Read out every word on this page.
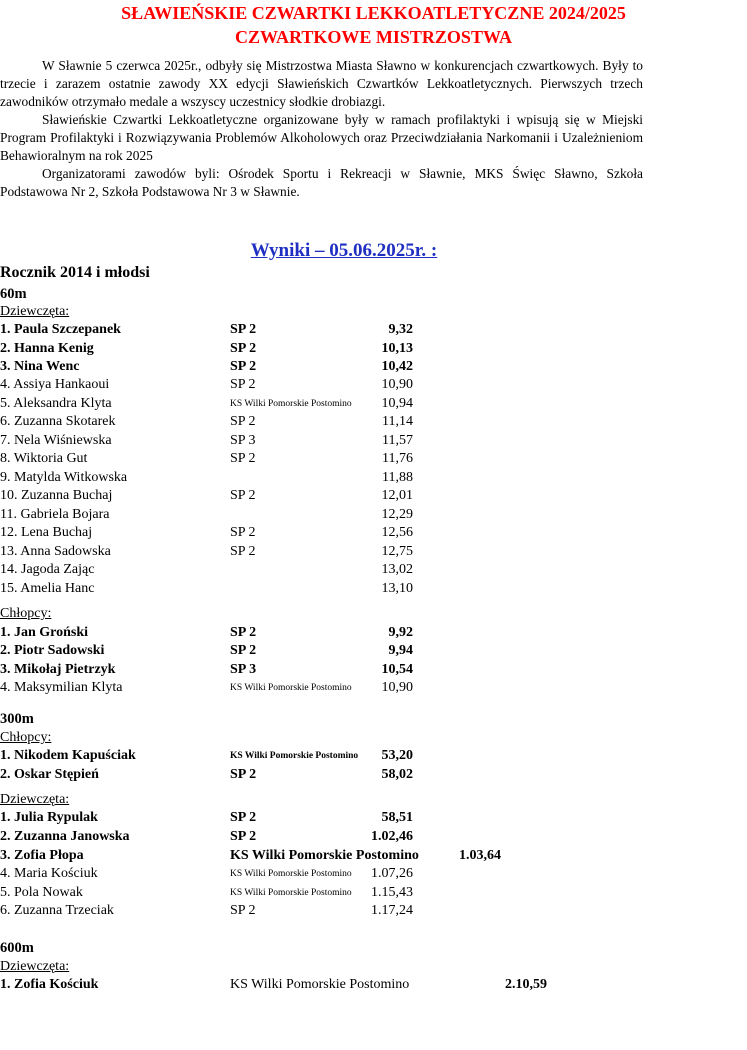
SŁAWIEŃSKIE CZWARTKI LEKKOATLETYCZNE 2024/2025
CZWARTKOWE MISTRZOSTWA

W Sławnie 5 czerwca 2025r., odbyły się Mistrzostwa Miasta Sławno w konkurencjach czwartkowych. Były to trzecie i zarazem ostatnie zawody XX edycji Sławieńskich Czwartków Lekkoatletycznych. Pierwszych trzech zawodników otrzymało medale a wszyscy uczestnicy słodkie drobiazgi.

Sławieńskie Czwartki Lekkoatletyczne organizowane były w ramach profilaktyki i wpisują się w Miejski Program Profilaktyki i Rozwiązywania Problemów Alkoholowych oraz Przeciwdziałania Narkomanii i Uzależnieniom Behawioralnym na rok 2025

Organizatorami zawodów byli: Ośrodek Sportu i Rekreacji w Sławnie, MKS Święc Sławno, Szkoła Podstawowa Nr 2, Szkoła Podstawowa Nr 3 w Sławnie.

Wyniki – 05.06.2025r. :
Rocznik 2014 i młodsi
60m
Dziewczęta:
1. Paula Szczepanek	SP 2	9,32
2. Hanna Kenig	SP 2	10,13
3. Nina Wenc	SP 2	10,42
4. Assiya Hankaoui	SP 2	10,90
5. Aleksandra Klyta	KS Wilki Pomorskie Postomino	10,94
6. Zuzanna Skotarek	SP 2	11,14
7. Nela Wiśniewska	SP 3	11,57
8. Wiktoria Gut	SP 2	11,76
9. Matylda Witkowska	11,88
10. Zuzanna Buchaj	SP 2	12,01
11. Gabriela Bojara	12,29
12. Lena Buchaj	SP 2	12,56
13. Anna Sadowska	SP 2	12,75
14. Jagoda Zając	13,02
15. Amelia Hanc	13,10
Chłopcy:
1. Jan Groński	SP 2	9,92
2. Piotr Sadowski	SP 2	9,94
3. Mikołaj Pietrzyk	SP 3	10,54
4. Maksymilian Klyta	KS Wilki Pomorskie Postomino	10,90
300m
Chłopcy:
1. Nikodem Kapuściak	KS Wilki Pomorskie Postomino	53,20
2. Oskar Stępień	SP 2	58,02
Dziewczęta:
1. Julia Rypulak	SP 2	58,51
2. Zuzanna Janowska	SP 2	1.02,46
3. Zofia Płopa	KS Wilki Pomorskie Postomino	1.03,64
4. Maria Kościuk	KS Wilki Pomorskie Postomino	1.07,26
5. Pola Nowak	KS Wilki Pomorskie Postomino	1.15,43
6. Zuzanna Trzeciak	SP 2	1.17,24
600m
Dziewczęta:
1. Zofia Kościuk	KS Wilki Pomorskie Postomino	2.10,59
